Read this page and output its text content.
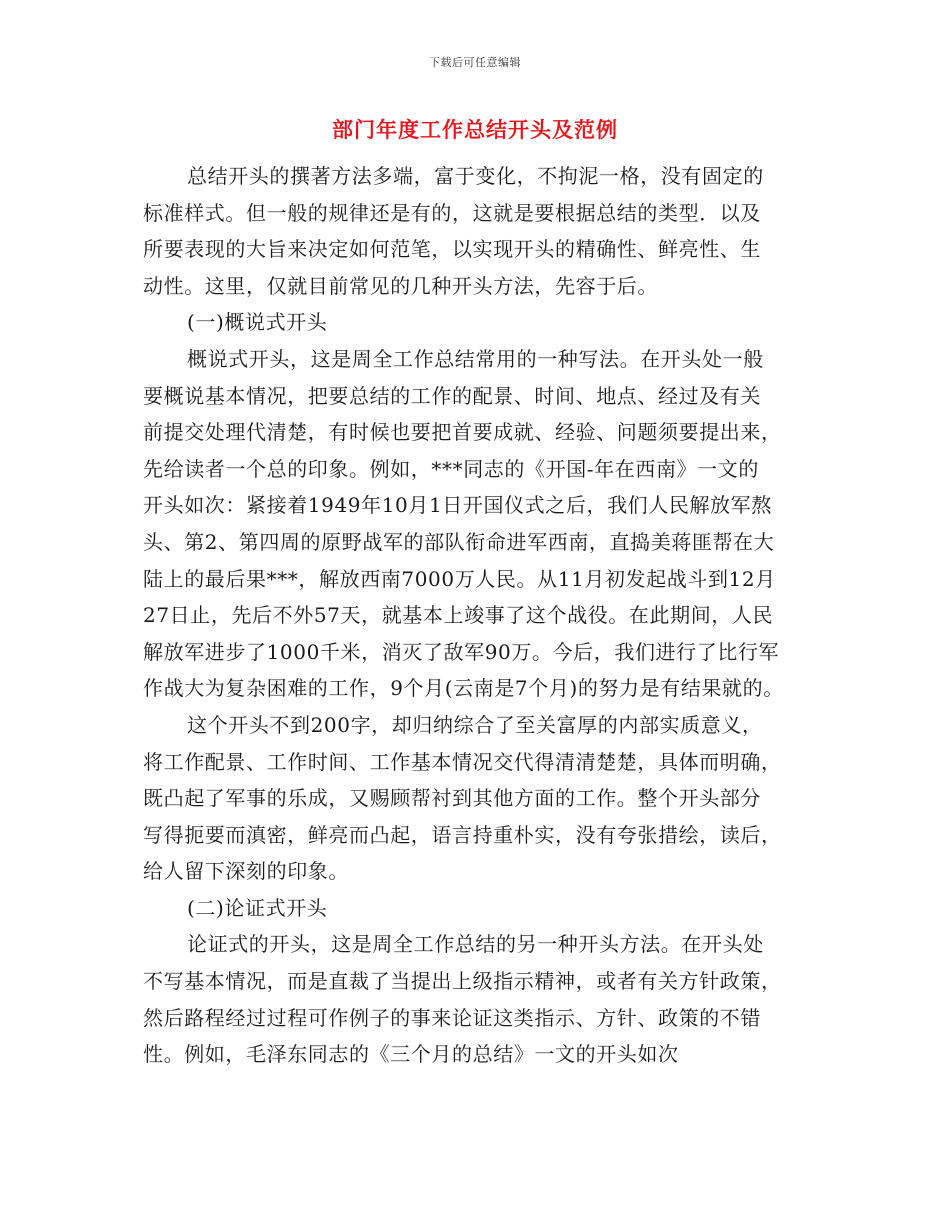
下载后可任意编辑
部门年度工作总结开头及范例
总结开头的撰著方法多端，富于变化，不拘泥一格，没有固定的
标准样式。但一般的规律还是有的，这就是要根据总结的类型．以及
所要表现的大旨来决定如何范笔，以实现开头的精确性、鲜亮性、生
动性。这里，仅就目前常见的几种开头方法，先容于后。
(一)概说式开头
概说式开头，这是周全工作总结常用的一种写法。在开头处一般
要概说基本情况，把要总结的工作的配景、时间、地点、经过及有关
前提交处理代清楚，有时候也要把首要成就、经验、问题须要提出来，
先给读者一个总的印象。例如，***同志的《开国-年在西南》一文的
开头如次：紧接着1949年10月1日开国仪式之后，我们人民解放军熬
头、第2、第四周的原野战军的部队衔命进军西南，直捣美蒋匪帮在大
陆上的最后果***，解放西南7000万人民。从11月初发起战斗到12月
27日止，先后不外57天，就基本上竣事了这个战役。在此期间，人民
解放军进步了1000千米，消灭了敌军90万。今后，我们进行了比行军
作战大为复杂困难的工作，9个月(云南是7个月)的努力是有结果就的。
这个开头不到200字，却归纳综合了至关富厚的内部实质意义，
将工作配景、工作时间、工作基本情况交代得清清楚楚，具体而明确，
既凸起了军事的乐成，又赐顾帮衬到其他方面的工作。整个开头部分
写得扼要而滇密，鲜亮而凸起，语言持重朴实，没有夸张措绘，读后，
给人留下深刻的印象。
(二)论证式开头
论证式的开头，这是周全工作总结的另一种开头方法。在开头处
不写基本情况，而是直裁了当提出上级指示精神，或者有关方针政策，
然后路程经过过程可作例子的事来论证这类指示、方针、政策的不错
性。例如，毛泽东同志的《三个月的总结》一文的开头如次
